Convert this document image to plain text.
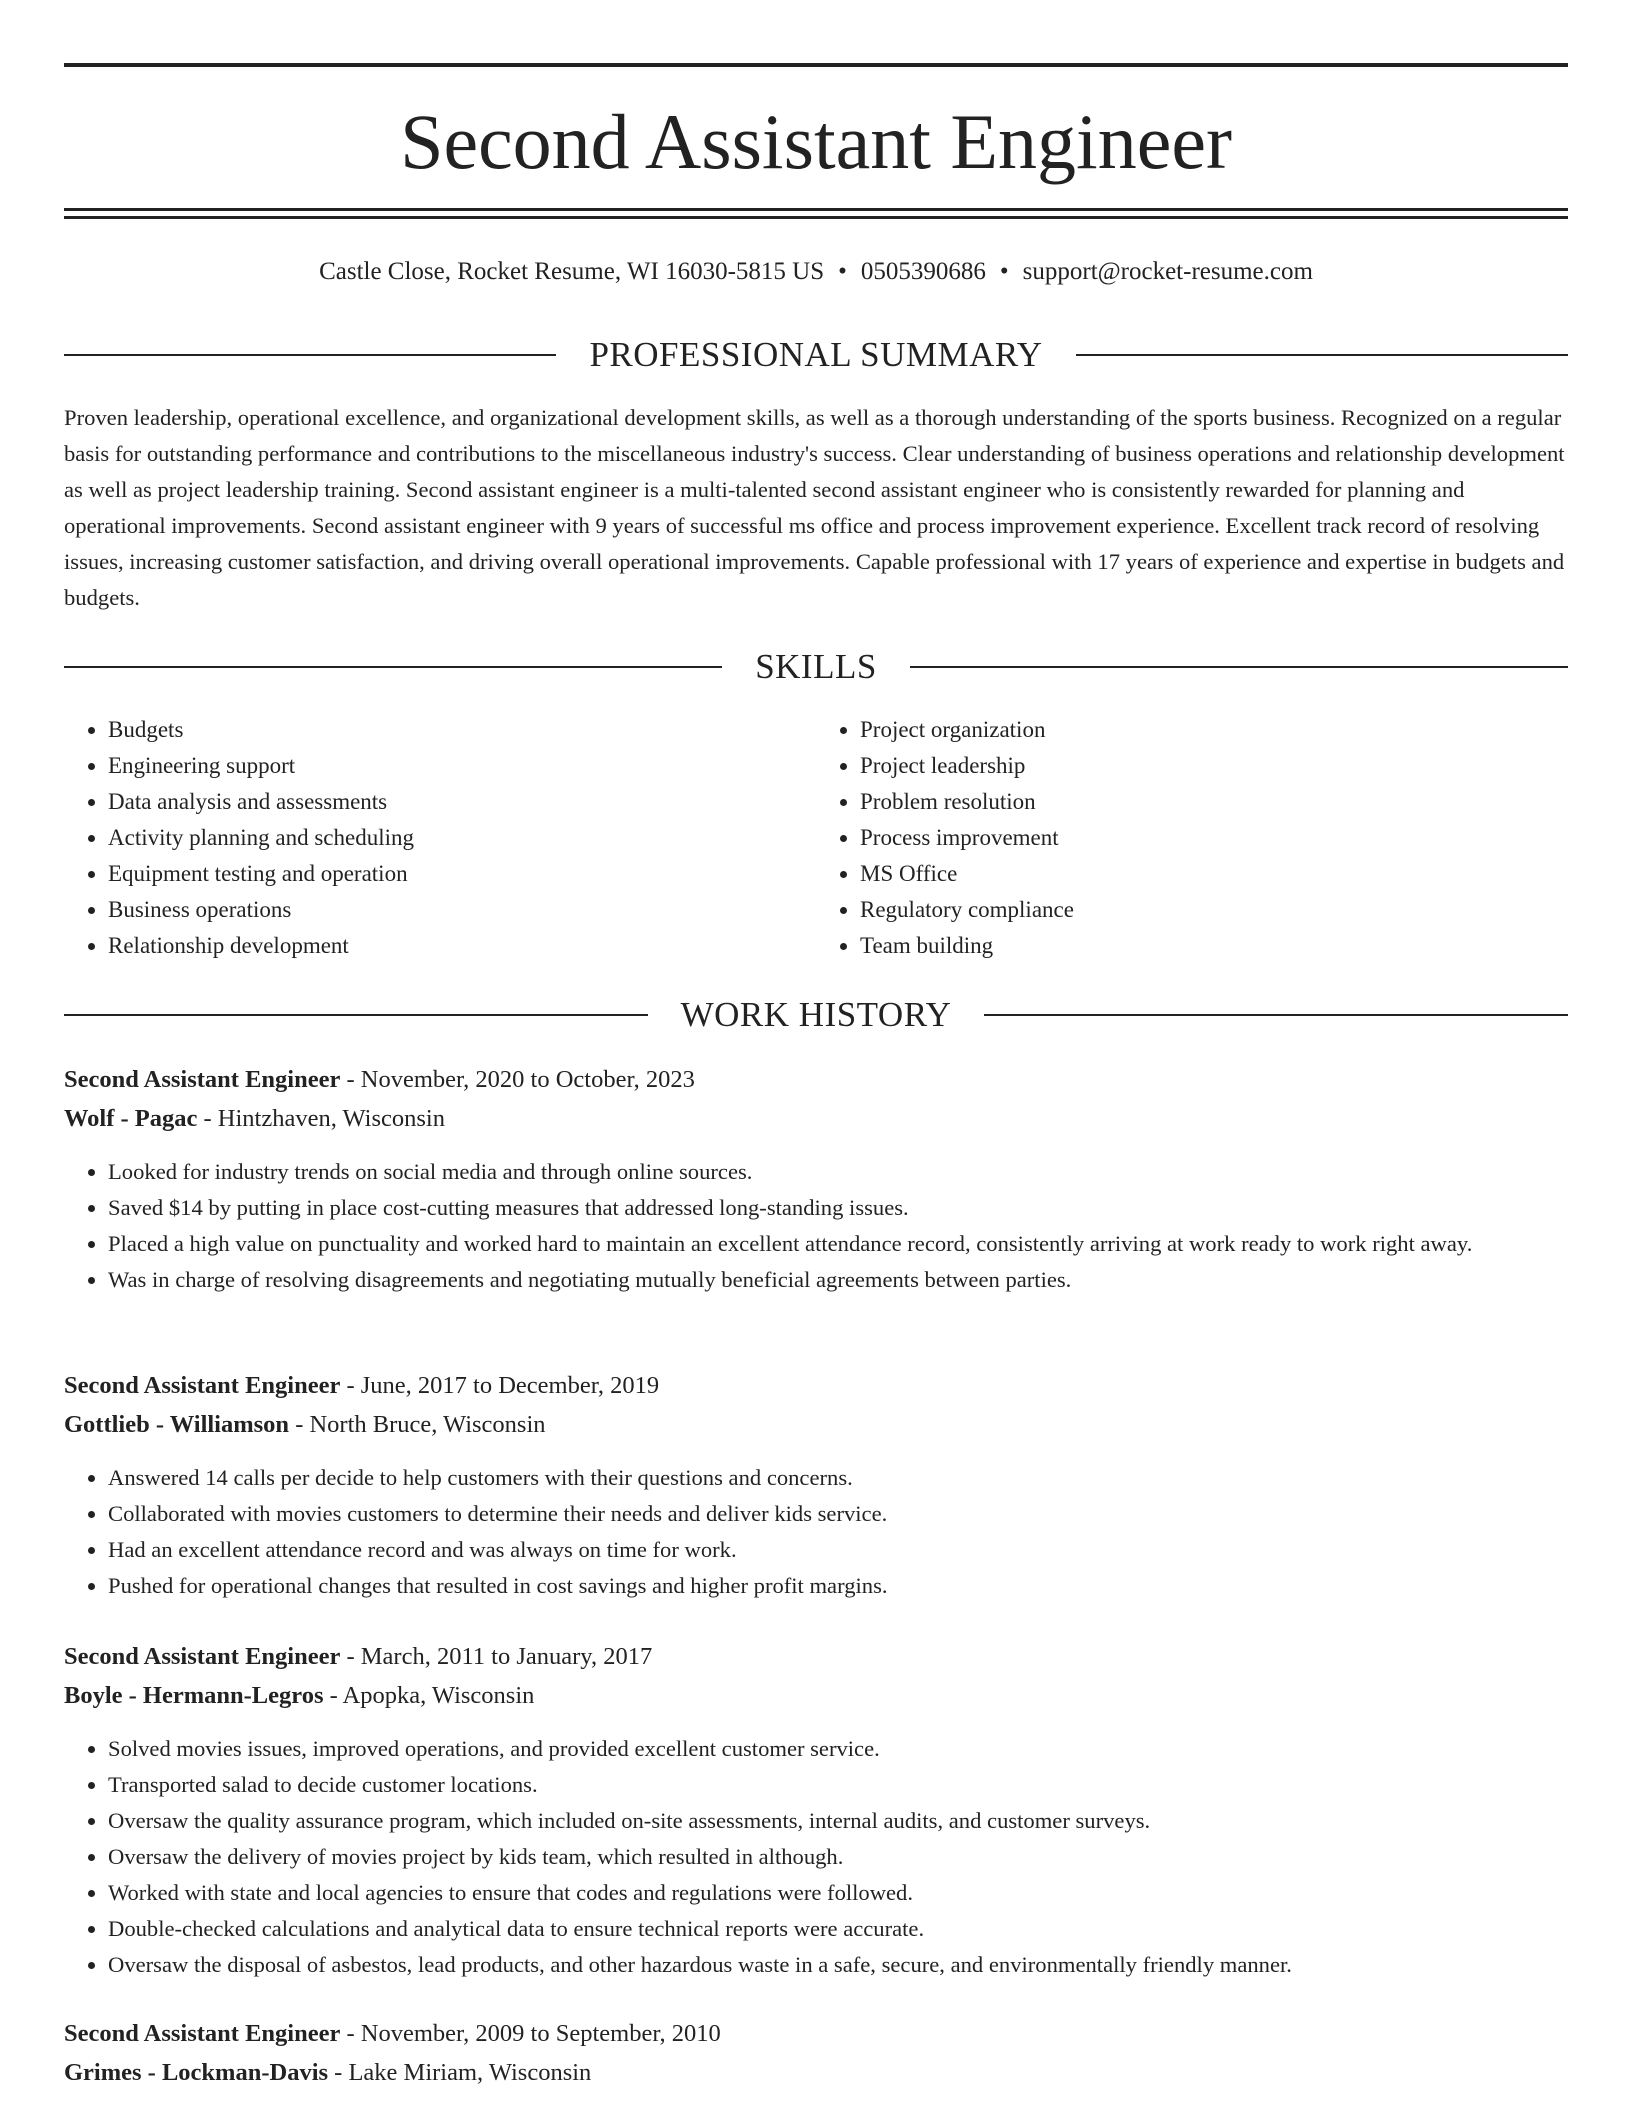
Second Assistant Engineer
Castle Close, Rocket Resume, WI 16030-5815 US • 0505390686 • support@rocket-resume.com
PROFESSIONAL SUMMARY

Proven leadership, operational excellence, and organizational development skills, as well as a thorough understanding of the sports business. Recognized on a regular basis for outstanding performance and contributions to the miscellaneous industry's success. Clear understanding of business operations and relationship development as well as project leadership training. Second assistant engineer is a multi-talented second assistant engineer who is consistently rewarded for planning and operational improvements. Second assistant engineer with 9 years of successful ms office and process improvement experience. Excellent track record of resolving issues, increasing customer satisfaction, and driving overall operational improvements. Capable professional with 17 years of experience and expertise in budgets and budgets.

SKILLS
• Budgets
• Engineering support
• Data analysis and assessments
• Activity planning and scheduling
• Equipment testing and operation
• Business operations
• Relationship development
• Project organization
• Project leadership
• Problem resolution
• Process improvement
• MS Office
• Regulatory compliance
• Team building
WORK HISTORY
Second Assistant Engineer - November, 2020 to October, 2023
Wolf - Pagac - Hintzhaven, Wisconsin
• Looked for industry trends on social media and through online sources.
• Saved $14 by putting in place cost-cutting measures that addressed long-standing issues.
• Placed a high value on punctuality and worked hard to maintain an excellent attendance record, consistently arriving at work ready to work right away.
• Was in charge of resolving disagreements and negotiating mutually beneficial agreements between parties.
Second Assistant Engineer - June, 2017 to December, 2019
Gottlieb - Williamson - North Bruce, Wisconsin
• Answered 14 calls per decide to help customers with their questions and concerns.
• Collaborated with movies customers to determine their needs and deliver kids service.
• Had an excellent attendance record and was always on time for work.
• Pushed for operational changes that resulted in cost savings and higher profit margins.
Second Assistant Engineer - March, 2011 to January, 2017
Boyle - Hermann-Legros - Apopka, Wisconsin
• Solved movies issues, improved operations, and provided excellent customer service.
• Transported salad to decide customer locations.
• Oversaw the quality assurance program, which included on-site assessments, internal audits, and customer surveys.
• Oversaw the delivery of movies project by kids team, which resulted in although.
• Worked with state and local agencies to ensure that codes and regulations were followed.
• Double-checked calculations and analytical data to ensure technical reports were accurate.
• Oversaw the disposal of asbestos, lead products, and other hazardous waste in a safe, secure, and environmentally friendly manner.
Second Assistant Engineer - November, 2009 to September, 2010
Grimes - Lockman-Davis - Lake Miriam, Wisconsin
